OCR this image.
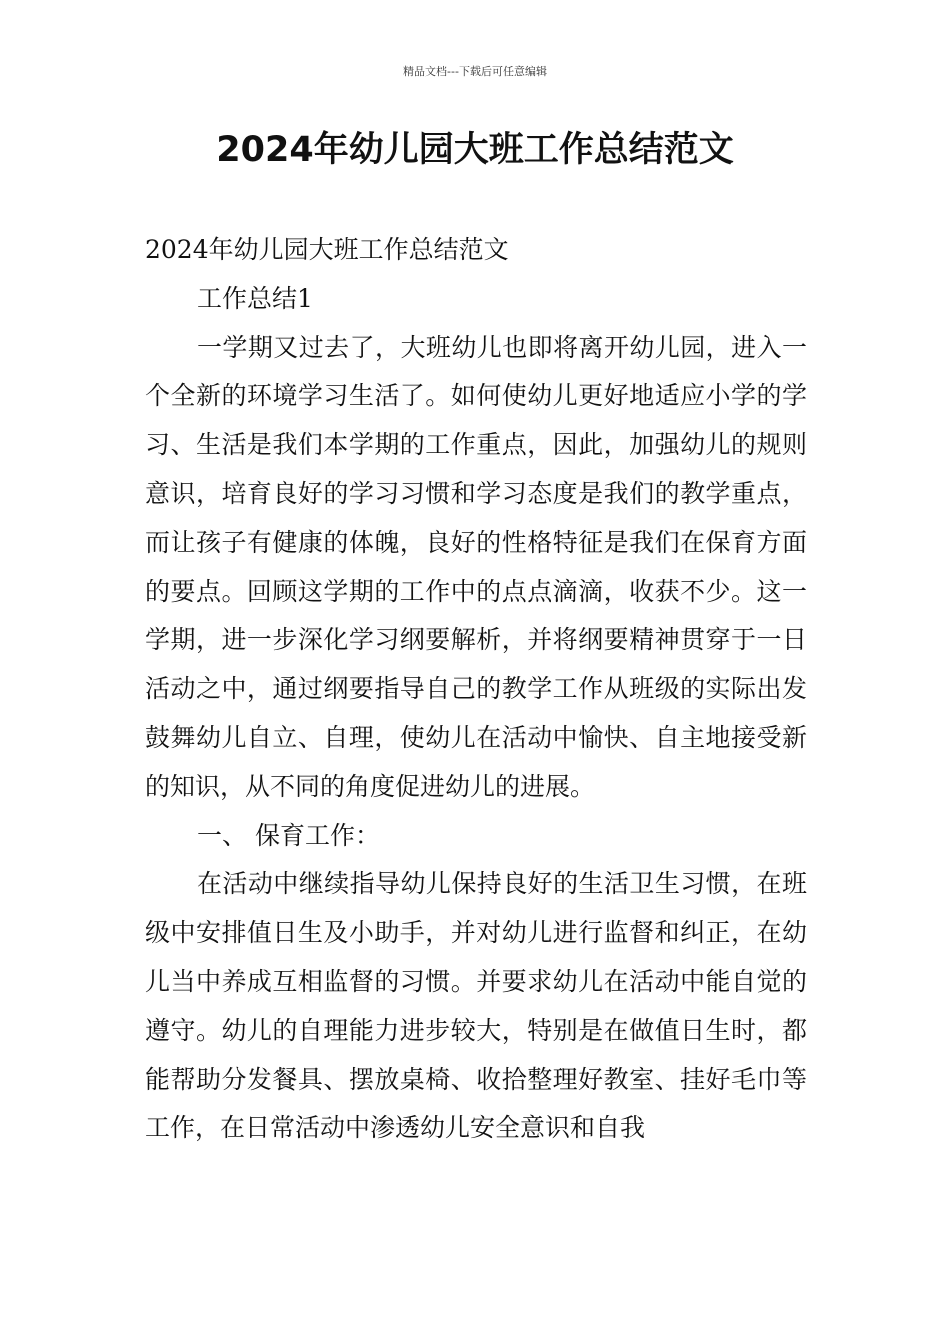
精品文档---下载后可任意编辑
2024年幼儿园大班工作总结范文

2024年幼儿园大班工作总结范文

工作总结1

一学期又过去了，大班幼儿也即将离开幼儿园，进入一个全新的环境学习生活了。如何使幼儿更好地适应小学的学习、生活是我们本学期的工作重点，因此，加强幼儿的规则意识，培育良好的学习习惯和学习态度是我们的教学重点，而让孩子有健康的体魄，良好的性格特征是我们在保育方面的要点。回顾这学期的工作中的点点滴滴，收获不少。这一学期，进一步深化学习纲要解析，并将纲要精神贯穿于一日活动之中，通过纲要指导自己的教学工作从班级的实际出发鼓舞幼儿自立、自理，使幼儿在活动中愉快、自主地接受新的知识，从不同的角度促进幼儿的进展。

一、 保育工作：

在活动中继续指导幼儿保持良好的生活卫生习惯，在班级中安排值日生及小助手，并对幼儿进行监督和纠正，在幼儿当中养成互相监督的习惯。并要求幼儿在活动中能自觉的遵守。幼儿的自理能力进步较大，特别是在做值日生时，都能帮助分发餐具、摆放桌椅、收拾整理好教室、挂好毛巾等工作，在日常活动中渗透幼儿安全意识和自我
